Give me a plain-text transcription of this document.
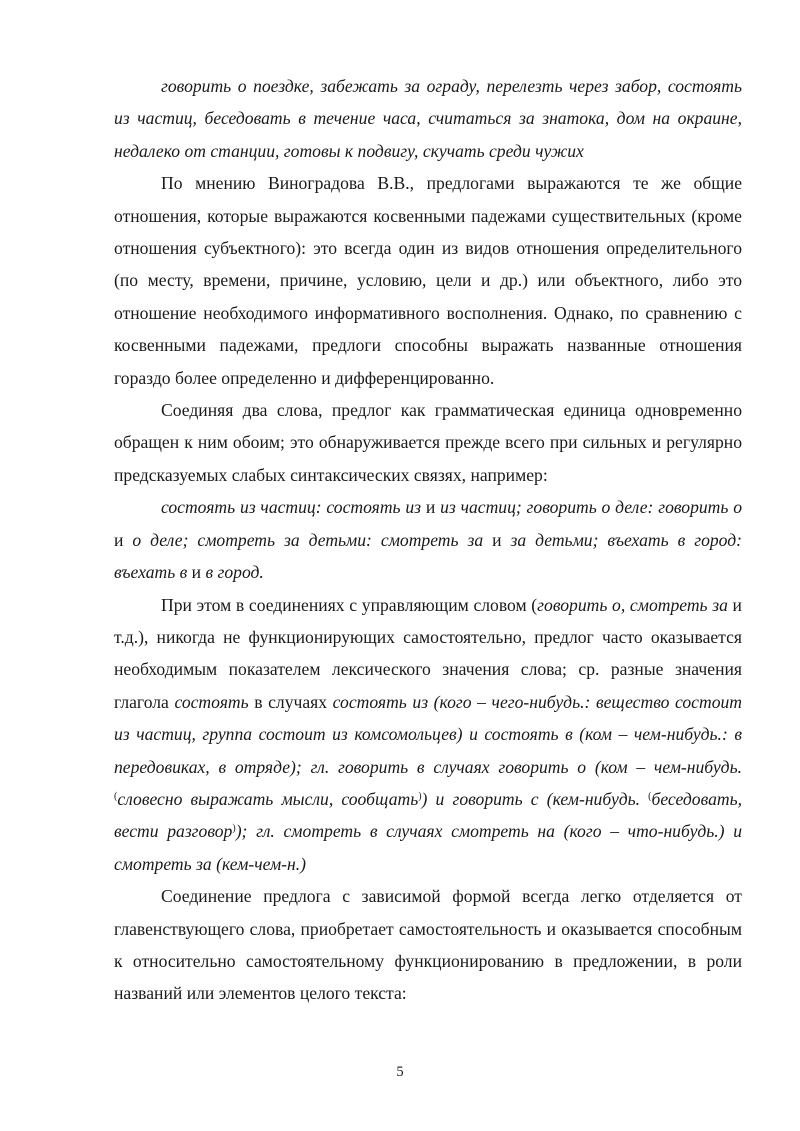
говорить о поездке, забежать за ограду, перелезть через забор, состоять из частиц, беседовать в течение часа, считаться за знатока, дом на окраине, недалеко от станции, готовы к подвигу, скучать среди чужих

По мнению Виноградова В.В., предлогами выражаются те же общие отношения, которые выражаются косвенными падежами существительных (кроме отношения субъектного): это всегда один из видов отношения определительного (по месту, времени, причине, условию, цели и др.) или объектного, либо это отношение необходимого информативного восполнения. Однако, по сравнению с косвенными падежами, предлоги способны выражать названные отношения гораздо более определенно и дифференцированно.

Соединяя два слова, предлог как грамматическая единица одновременно обращен к ним обоим; это обнаруживается прежде всего при сильных и регулярно предсказуемых слабых синтаксических связях, например:

состоять из частиц: состоять из и из частиц; говорить о деле: говорить о и о деле; смотреть за детьми: смотреть за и за детьми; въехать в город: въехать в и в город.

При этом в соединениях с управляющим словом (говорить о, смотреть за и т.д.), никогда не функционирующих самостоятельно, предлог часто оказывается необходимым показателем лексического значения слова; ср. разные значения глагола состоять в случаях состоять из (кого – чего-нибудь.: вещество состоит из частиц, группа состоит из комсомольцев) и состоять в (ком – чем-нибудь.: в передовиках, в отряде); гл. говорить в случаях говорить о (ком – чем-нибудь. (словесно выражать мысли, сообщать)) и говорить с (кем-нибудь. (беседовать, вести разговор)); гл. смотреть в случаях смотреть на (кого – что-нибудь.) и смотреть за (кем-чем-н.)

Соединение предлога с зависимой формой всегда легко отделяется от главенствующего слова, приобретает самостоятельность и оказывается способным к относительно самостоятельному функционированию в предложении, в роли названий или элементов целого текста:

5
